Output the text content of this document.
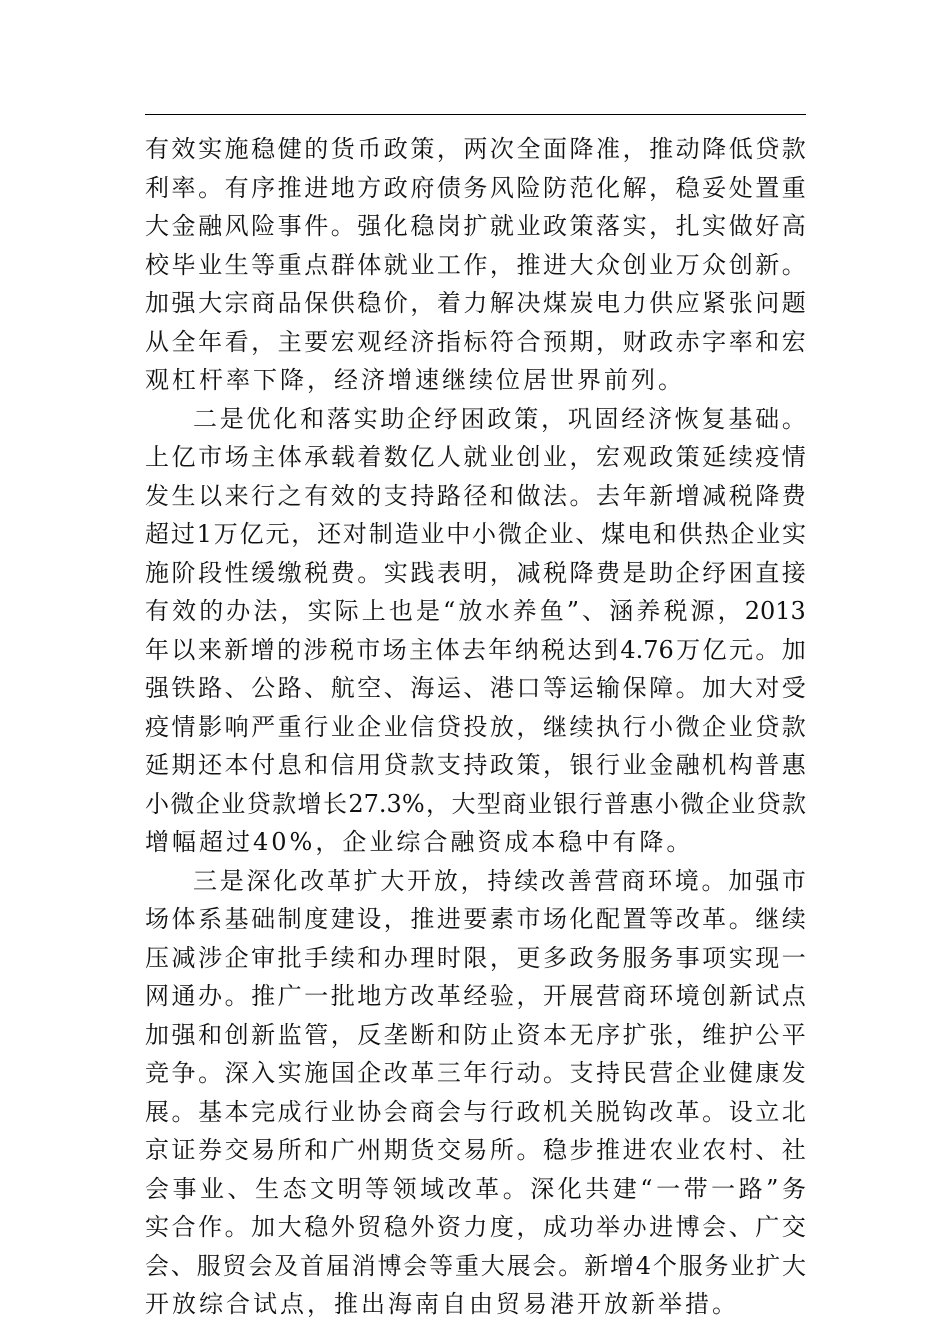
有 效 实 施 稳 健 的 货 币 政 策 ， 两 次 全 面 降 准 ， 推 动 降 低 贷 款
利 率 。 有 序 推 进 地 方 政 府 债 务 风 险 防 范 化 解 ， 稳 妥 处 置 重
大 金 融 风 险 事 件 。 强 化 稳 岗 扩 就 业 政 策 落 实 ， 扎 实 做 好 高
校 毕 业 生 等 重 点 群 体 就 业 工 作 ， 推 进 大 众 创 业 万 众 创 新 。
加 强 大 宗 商 品 保 供 稳 价 ， 着 力 解 决 煤 炭 电 力 供 应 紧 张 问 题
从 全 年 看 ， 主 要 宏 观 经 济 指 标 符 合 预 期 ， 财 政 赤 字 率 和 宏
观杠杆率下降，经济增速继续位居世界前列。
二 是 优 化 和 落 实 助 企 纾 困 政 策 ， 巩 固 经 济 恢 复 基 础 。
上 亿 市 场 主 体 承 载 着 数 亿 人 就 业 创 业 ， 宏 观 政 策 延 续 疫 情
发 生 以 来 行 之 有 效 的 支 持 路 径 和 做 法 。 去 年 新 增 减 税 降 费
超 过 1 万 亿 元 ， 还 对 制 造 业 中 小 微 企 业 、 煤 电 和 供 热 企 业 实
施 阶 段 性 缓 缴 税 费 。 实 践 表 明 ， 减 税 降 费 是 助 企 纾 困 直 接
有 效 的 办 法 ， 实 际 上 也 是 “ 放 水 养 鱼 ” 、 涵 养 税 源 ， 2013
年 以 来 新 增 的 涉 税 市 场 主 体 去 年 纳 税 达 到 4.76 万 亿 元 。 加
强 铁 路 、 公 路 、 航 空 、 海 运 、 港 口 等 运 输 保 障 。 加 大 对 受
疫 情 影 响 严 重 行 业 企 业 信 贷 投 放 ， 继 续 执 行 小 微 企 业 贷 款
延 期 还 本 付 息 和 信 用 贷 款 支 持 政 策 ， 银 行 业 金 融 机 构 普 惠
小 微 企 业 贷 款 增 长 27.3% ， 大 型 商 业 银 行 普 惠 小 微 企 业 贷 款
增幅超过40%，企业综合融资成本稳中有降。
三 是 深 化 改 革 扩 大 开 放 ， 持 续 改 善 营 商 环 境 。 加 强 市
场 体 系 基 础 制 度 建 设 ， 推 进 要 素 市 场 化 配 置 等 改 革 。 继 续
压 减 涉 企 审 批 手 续 和 办 理 时 限 ， 更 多 政 务 服 务 事 项 实 现 一
网 通 办 。 推 广 一 批 地 方 改 革 经 验 ， 开 展 营 商 环 境 创 新 试 点
加 强 和 创 新 监 管 ， 反 垄 断 和 防 止 资 本 无 序 扩 张 ， 维 护 公 平
竞 争 。 深 入 实 施 国 企 改 革 三 年 行 动 。 支 持 民 营 企 业 健 康 发
展 。 基 本 完 成 行 业 协 会 商 会 与 行 政 机 关 脱 钩 改 革 。 设 立 北
京 证 券 交 易 所 和 广 州 期 货 交 易 所 。 稳 步 推 进 农 业 农 村 、 社
会 事 业 、 生 态 文 明 等 领 域 改 革 。 深 化 共 建 “ 一 带 一 路 ” 务
实 合 作 。 加 大 稳 外 贸 稳 外 资 力 度 ， 成 功 举 办 进 博 会 、 广 交
会 、 服 贸 会 及 首 届 消 博 会 等 重 大 展 会 。 新 增 4 个 服 务 业 扩 大
开放综合试点，推出海南自由贸易港开放新举措。
